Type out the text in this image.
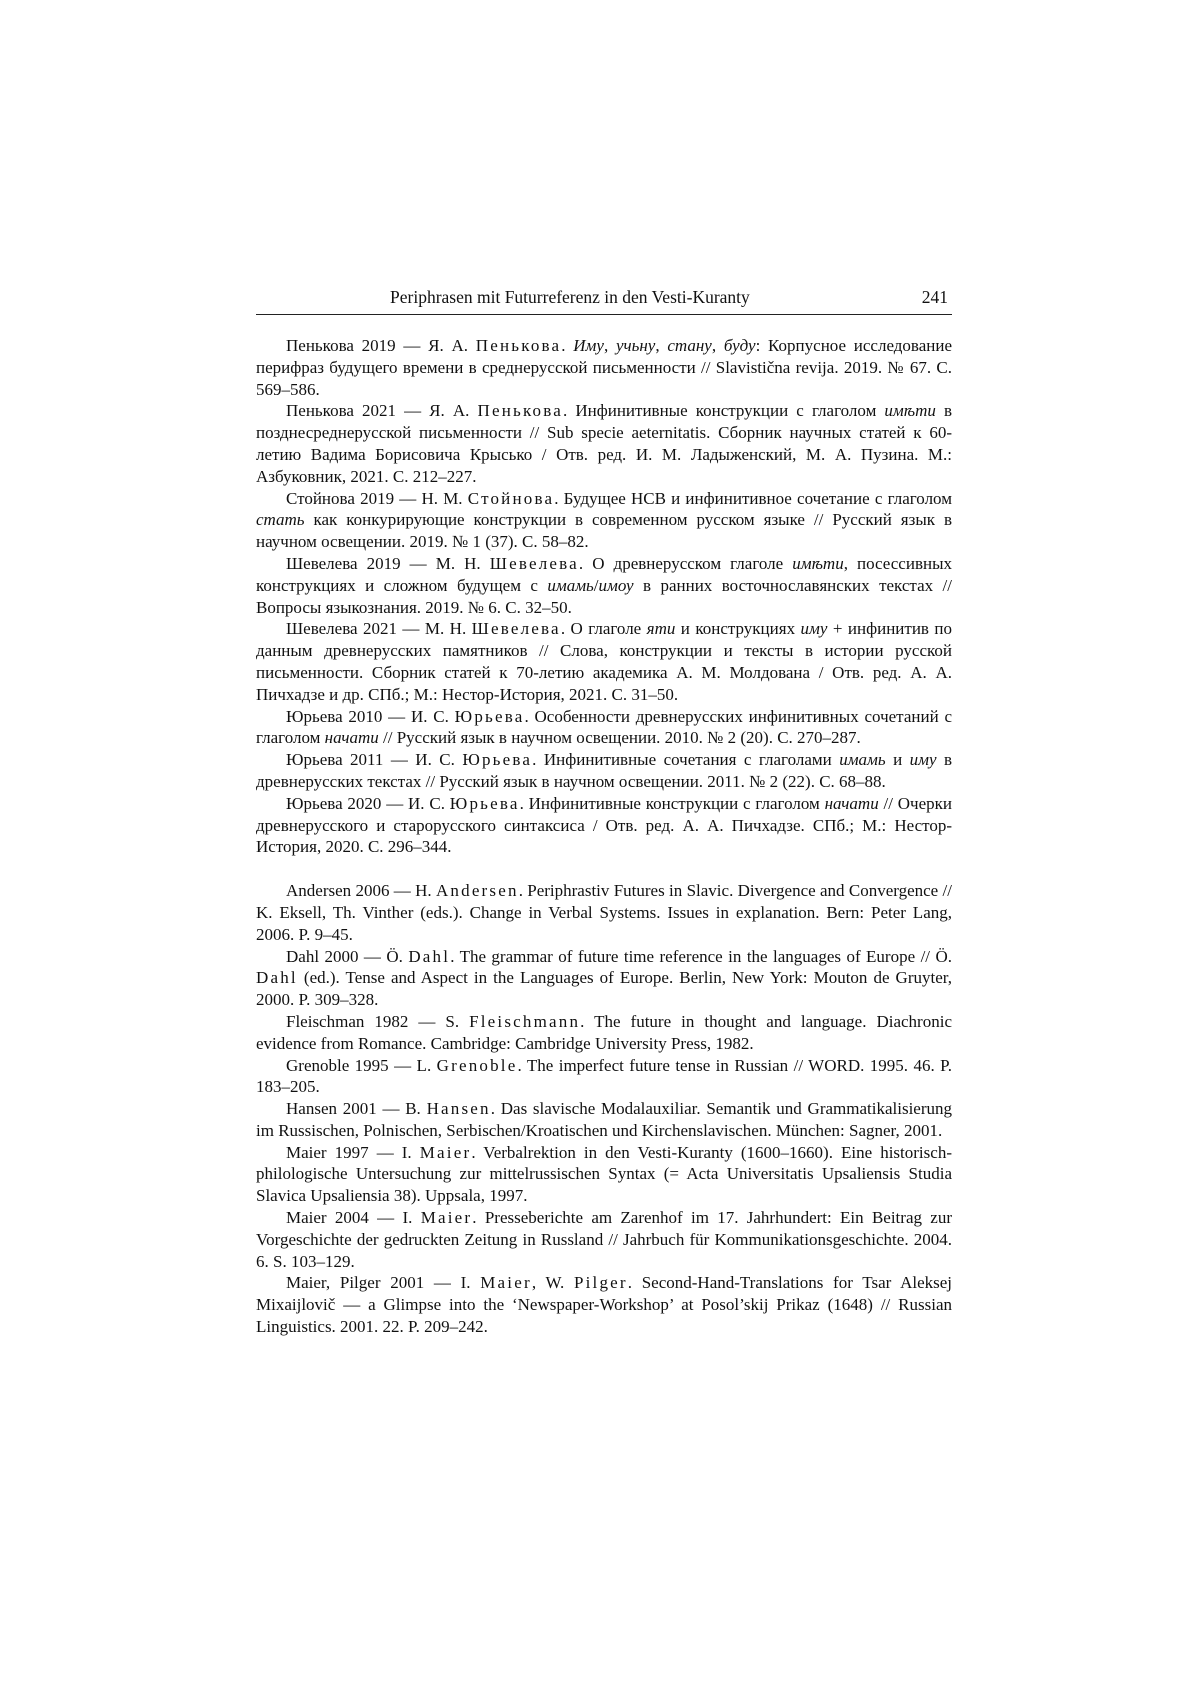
Periphrasen mit Futurreferenz in den Vesti-Kuranty	241

Пенькова 2019 — Я. А. Пенькова. Иму, учьну, стану, буду: Корпусное исследование перифраз будущего времени в среднерусской письменности // Slavistična revija. 2019. № 67. С. 569–586.

Пенькова 2021 — Я. А. Пенькова. Инфинитивные конструкции с глаголом имѣти в позднесреднерусской письменности // Sub specie aeternitatis. Сборник научных статей к 60-летию Вадима Борисовича Крысько / Отв. ред. И. М. Ладыженский, М. А. Пузина. М.: Азбуковник, 2021. С. 212–227.

Стойнова 2019 — Н. М. Стойнова. Будущее НСВ и инфинитивное сочетание с глаголом стать как конкурирующие конструкции в современном русском языке // Русский язык в научном освещении. 2019. № 1 (37). С. 58–82.

Шевелева 2019 — М. Н. Шевелева. О древнерусском глаголе имѣти, посессивных конструкциях и сложном будущем с имамь/имоу в ранних восточнославянских текстах // Вопросы языкознания. 2019. № 6. С. 32–50.

Шевелева 2021 — М. Н. Шевелева. О глаголе яти и конструкциях иму + инфинитив по данным древнерусских памятников // Слова, конструкции и тексты в истории русской письменности. Сборник статей к 70-летию академика А. М. Молдована / Отв. ред. А. А. Пичхадзе и др. СПб.; М.: Нестор-История, 2021. С. 31–50.

Юрьева 2010 — И. С. Юрьева. Особенности древнерусских инфинитивных сочетаний с глаголом начати // Русский язык в научном освещении. 2010. № 2 (20). С. 270–287.

Юрьева 2011 — И. С. Юрьева. Инфинитивные сочетания с глаголами имамь и иму в древнерусских текстах // Русский язык в научном освещении. 2011. № 2 (22). С. 68–88.

Юрьева 2020 — И. С. Юрьева. Инфинитивные конструкции с глаголом начати // Очерки древнерусского и старорусского синтаксиса / Отв. ред. А. А. Пичхадзе. СПб.; М.: Нестор-История, 2020. С. 296–344.

Andersen 2006 — H. Andersen. Periphrastiv Futures in Slavic. Divergence and Convergence // K. Eksell, Th. Vinther (eds.). Change in Verbal Systems. Issues in explanation. Bern: Peter Lang, 2006. P. 9–45.

Dahl 2000 — Ö. Dahl. The grammar of future time reference in the languages of Europe // Ö. Dahl (ed.). Tense and Aspect in the Languages of Europe. Berlin, New York: Mouton de Gruyter, 2000. P. 309–328.

Fleischman 1982 — S. Fleischmann. The future in thought and language. Diachronic evidence from Romance. Cambridge: Cambridge University Press, 1982.

Grenoble 1995 — L. Grenoble. The imperfect future tense in Russian // WORD. 1995. 46. P. 183–205.

Hansen 2001 — B. Hansen. Das slavische Modalauxiliar. Semantik und Grammatikalisierung im Russischen, Polnischen, Serbischen/Kroatischen und Kirchenslavischen. München: Sagner, 2001.

Maier 1997 — I. Maier. Verbalrektion in den Vesti-Kuranty (1600–1660). Eine historisch-philologische Untersuchung zur mittelrussischen Syntax (= Acta Universitatis Upsaliensis Studia Slavica Upsaliensia 38). Uppsala, 1997.

Maier 2004 — I. Maier. Presseberichte am Zarenhof im 17. Jahrhundert: Ein Beitrag zur Vorgeschichte der gedruckten Zeitung in Russland // Jahrbuch für Kommunikationsgeschichte. 2004. 6. S. 103–129.

Maier, Pilger 2001 — I. Maier, W. Pilger. Second-Hand-Translations for Tsar Aleksej Mixaijlovič — a Glimpse into the ‘Newspaper-Workshop’ at Posol’skij Prikaz (1648) // Russian Linguistics. 2001. 22. P. 209–242.
